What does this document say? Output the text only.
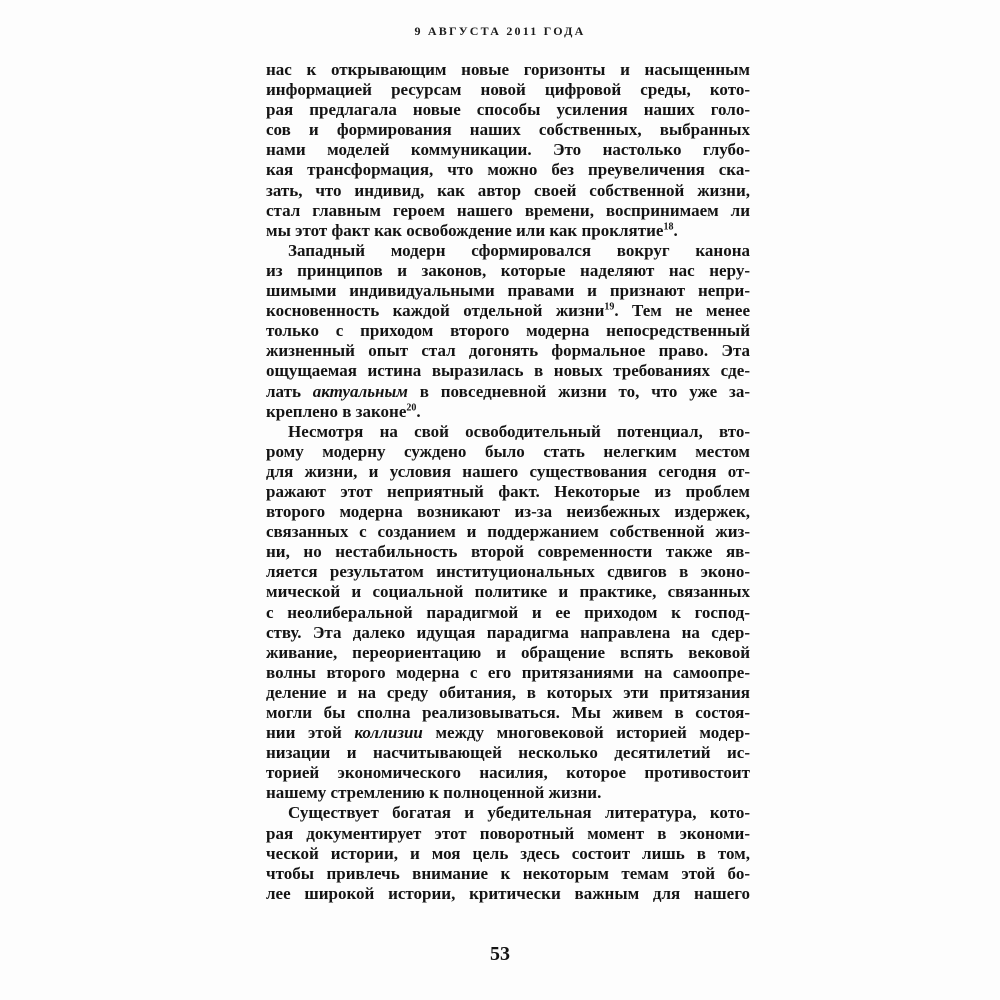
9 АВГУСТА 2011 ГОДА
нас к открывающим новые горизонты и насыщенным
информацией ресурсам новой цифровой среды, кото-
рая предлагала новые способы усиления наших голо-
сов и формирования наших собственных, выбранных
нами моделей коммуникации. Это настолько глубо-
кая трансформация, что можно без преувеличения ска-
зать, что индивид, как автор своей собственной жизни,
стал главным героем нашего времени, воспринимаем ли
мы этот факт как освобождение или как проклятие$^{18}$.
Западный модерн сформировался вокруг канона
из принципов и законов, которые наделяют нас неру-
шимыми индивидуальными правами и признают непри-
косновенность каждой отдельной жизни$^{19}$. Тем не менее
только с приходом второго модерна непосредственный
жизненный опыт стал догонять формальное право. Эта
ощущаемая истина выразилась в новых требованиях сде-
лать актуальным в повседневной жизни то, что уже за-
креплено в законе$^{20}$.
Несмотря на свой освободительный потенциал, вто-
рому модерну суждено было стать нелегким местом
для жизни, и условия нашего существования сегодня от-
ражают этот неприятный факт. Некоторые из проблем
второго модерна возникают из-за неизбежных издержек,
связанных с созданием и поддержанием собственной жиз-
ни, но нестабильность второй современности также яв-
ляется результатом институциональных сдвигов в эконо-
мической и социальной политике и практике, связанных
с неолиберальной парадигмой и ее приходом к господ-
ству. Эта далеко идущая парадигма направлена на сдер-
живание, переориентацию и обращение вспять вековой
волны второго модерна с его притязаниями на самоопре-
деление и на среду обитания, в которых эти притязания
могли бы сполна реализовываться. Мы живем в состоя-
нии этой коллизии между многовековой историей модер-
низации и насчитывающей несколько десятилетий ис-
торией экономического насилия, которое противостоит
нашему стремлению к полноценной жизни.
Существует богатая и убедительная литература, кото-
рая документирует этот поворотный момент в экономи-
ческой истории, и моя цель здесь состоит лишь в том,
чтобы привлечь внимание к некоторым темам этой бо-
лее широкой истории, критически важным для нашего
53
